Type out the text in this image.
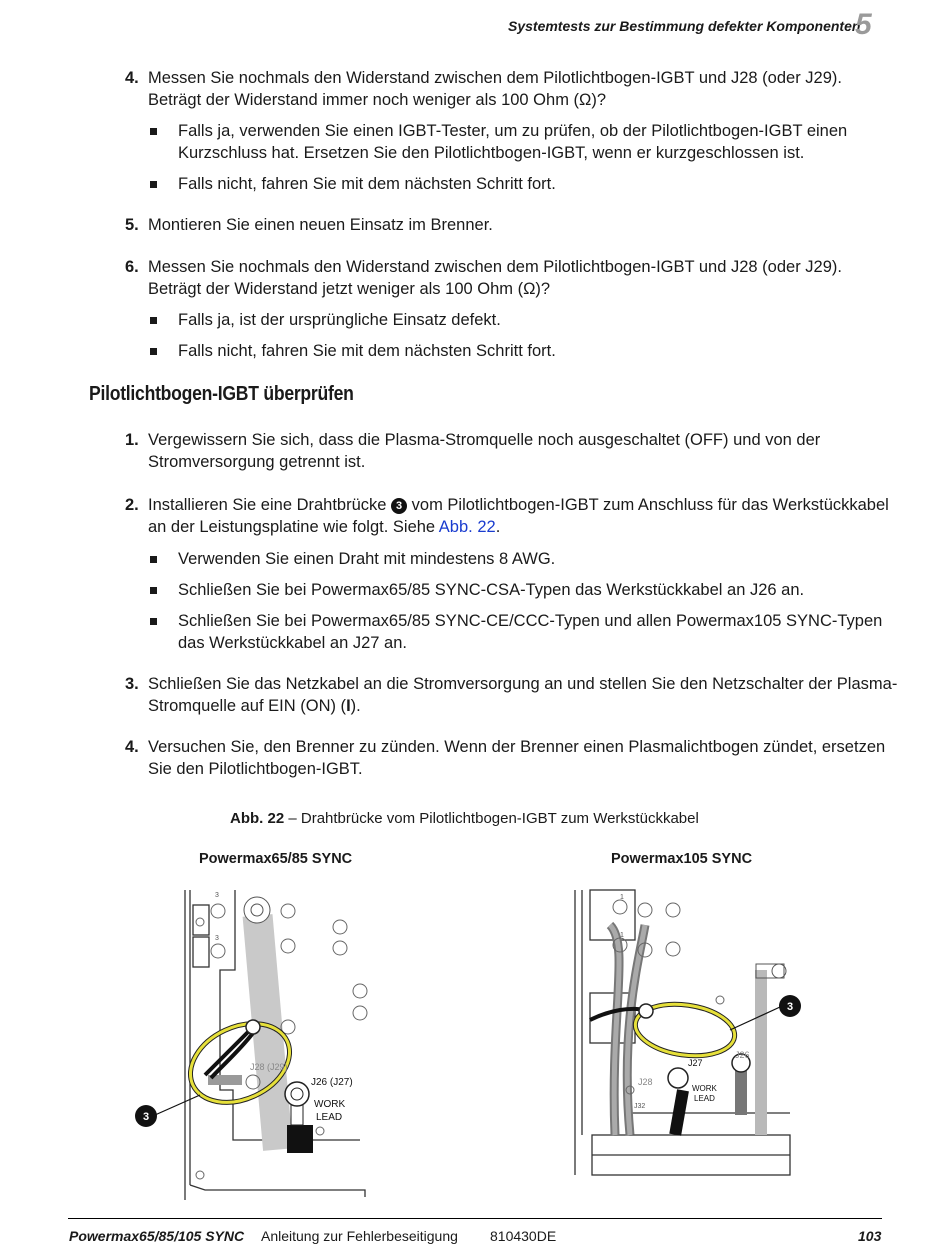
Systemtests zur Bestimmung defekter Komponenten
5
4. Messen Sie nochmals den Widerstand zwischen dem Pilotlichtbogen-IGBT und J28 (oder J29). Beträgt der Widerstand immer noch weniger als 100 Ohm (Ω)?
Falls ja, verwenden Sie einen IGBT-Tester, um zu prüfen, ob der Pilotlichtbogen-IGBT einen Kurzschluss hat. Ersetzen Sie den Pilotlichtbogen-IGBT, wenn er kurzgeschlossen ist.
Falls nicht, fahren Sie mit dem nächsten Schritt fort.
5. Montieren Sie einen neuen Einsatz im Brenner.
6. Messen Sie nochmals den Widerstand zwischen dem Pilotlichtbogen-IGBT und J28 (oder J29). Beträgt der Widerstand jetzt weniger als 100 Ohm (Ω)?
Falls ja, ist der ursprüngliche Einsatz defekt.
Falls nicht, fahren Sie mit dem nächsten Schritt fort.
Pilotlichtbogen-IGBT überprüfen
1. Vergewissern Sie sich, dass die Plasma-Stromquelle noch ausgeschaltet (OFF) und von der Stromversorgung getrennt ist.
2. Installieren Sie eine Drahtbrücke 3 vom Pilotlichtbogen-IGBT zum Anschluss für das Werkstückkabel an der Leistungsplatine wie folgt. Siehe Abb. 22.
Verwenden Sie einen Draht mit mindestens 8 AWG.
Schließen Sie bei Powermax65/85 SYNC-CSA-Typen das Werkstückkabel an J26 an.
Schließen Sie bei Powermax65/85 SYNC-CE/CCC-Typen und allen Powermax105 SYNC-Typen das Werkstückkabel an J27 an.
3. Schließen Sie das Netzkabel an die Stromversorgung an und stellen Sie den Netzschalter der Plasma-Stromquelle auf EIN (ON) (I).
4. Versuchen Sie, den Brenner zu zünden. Wenn der Brenner einen Plasmalichtbogen zündet, ersetzen Sie den Pilotlichtbogen-IGBT.
Abb. 22 – Drahtbrücke vom Pilotlichtbogen-IGBT zum Werkstückkabel
Powermax65/85 SYNC	Powermax105 SYNC
3
3
J28 (J29)
J26 (J27)
WORK
LEAD
3
1
1
J27
J26
J28
J32
WORK
LEAD
3
Powermax65/85/105 SYNC Anleitung zur Fehlerbeseitigung 810430DE	103
